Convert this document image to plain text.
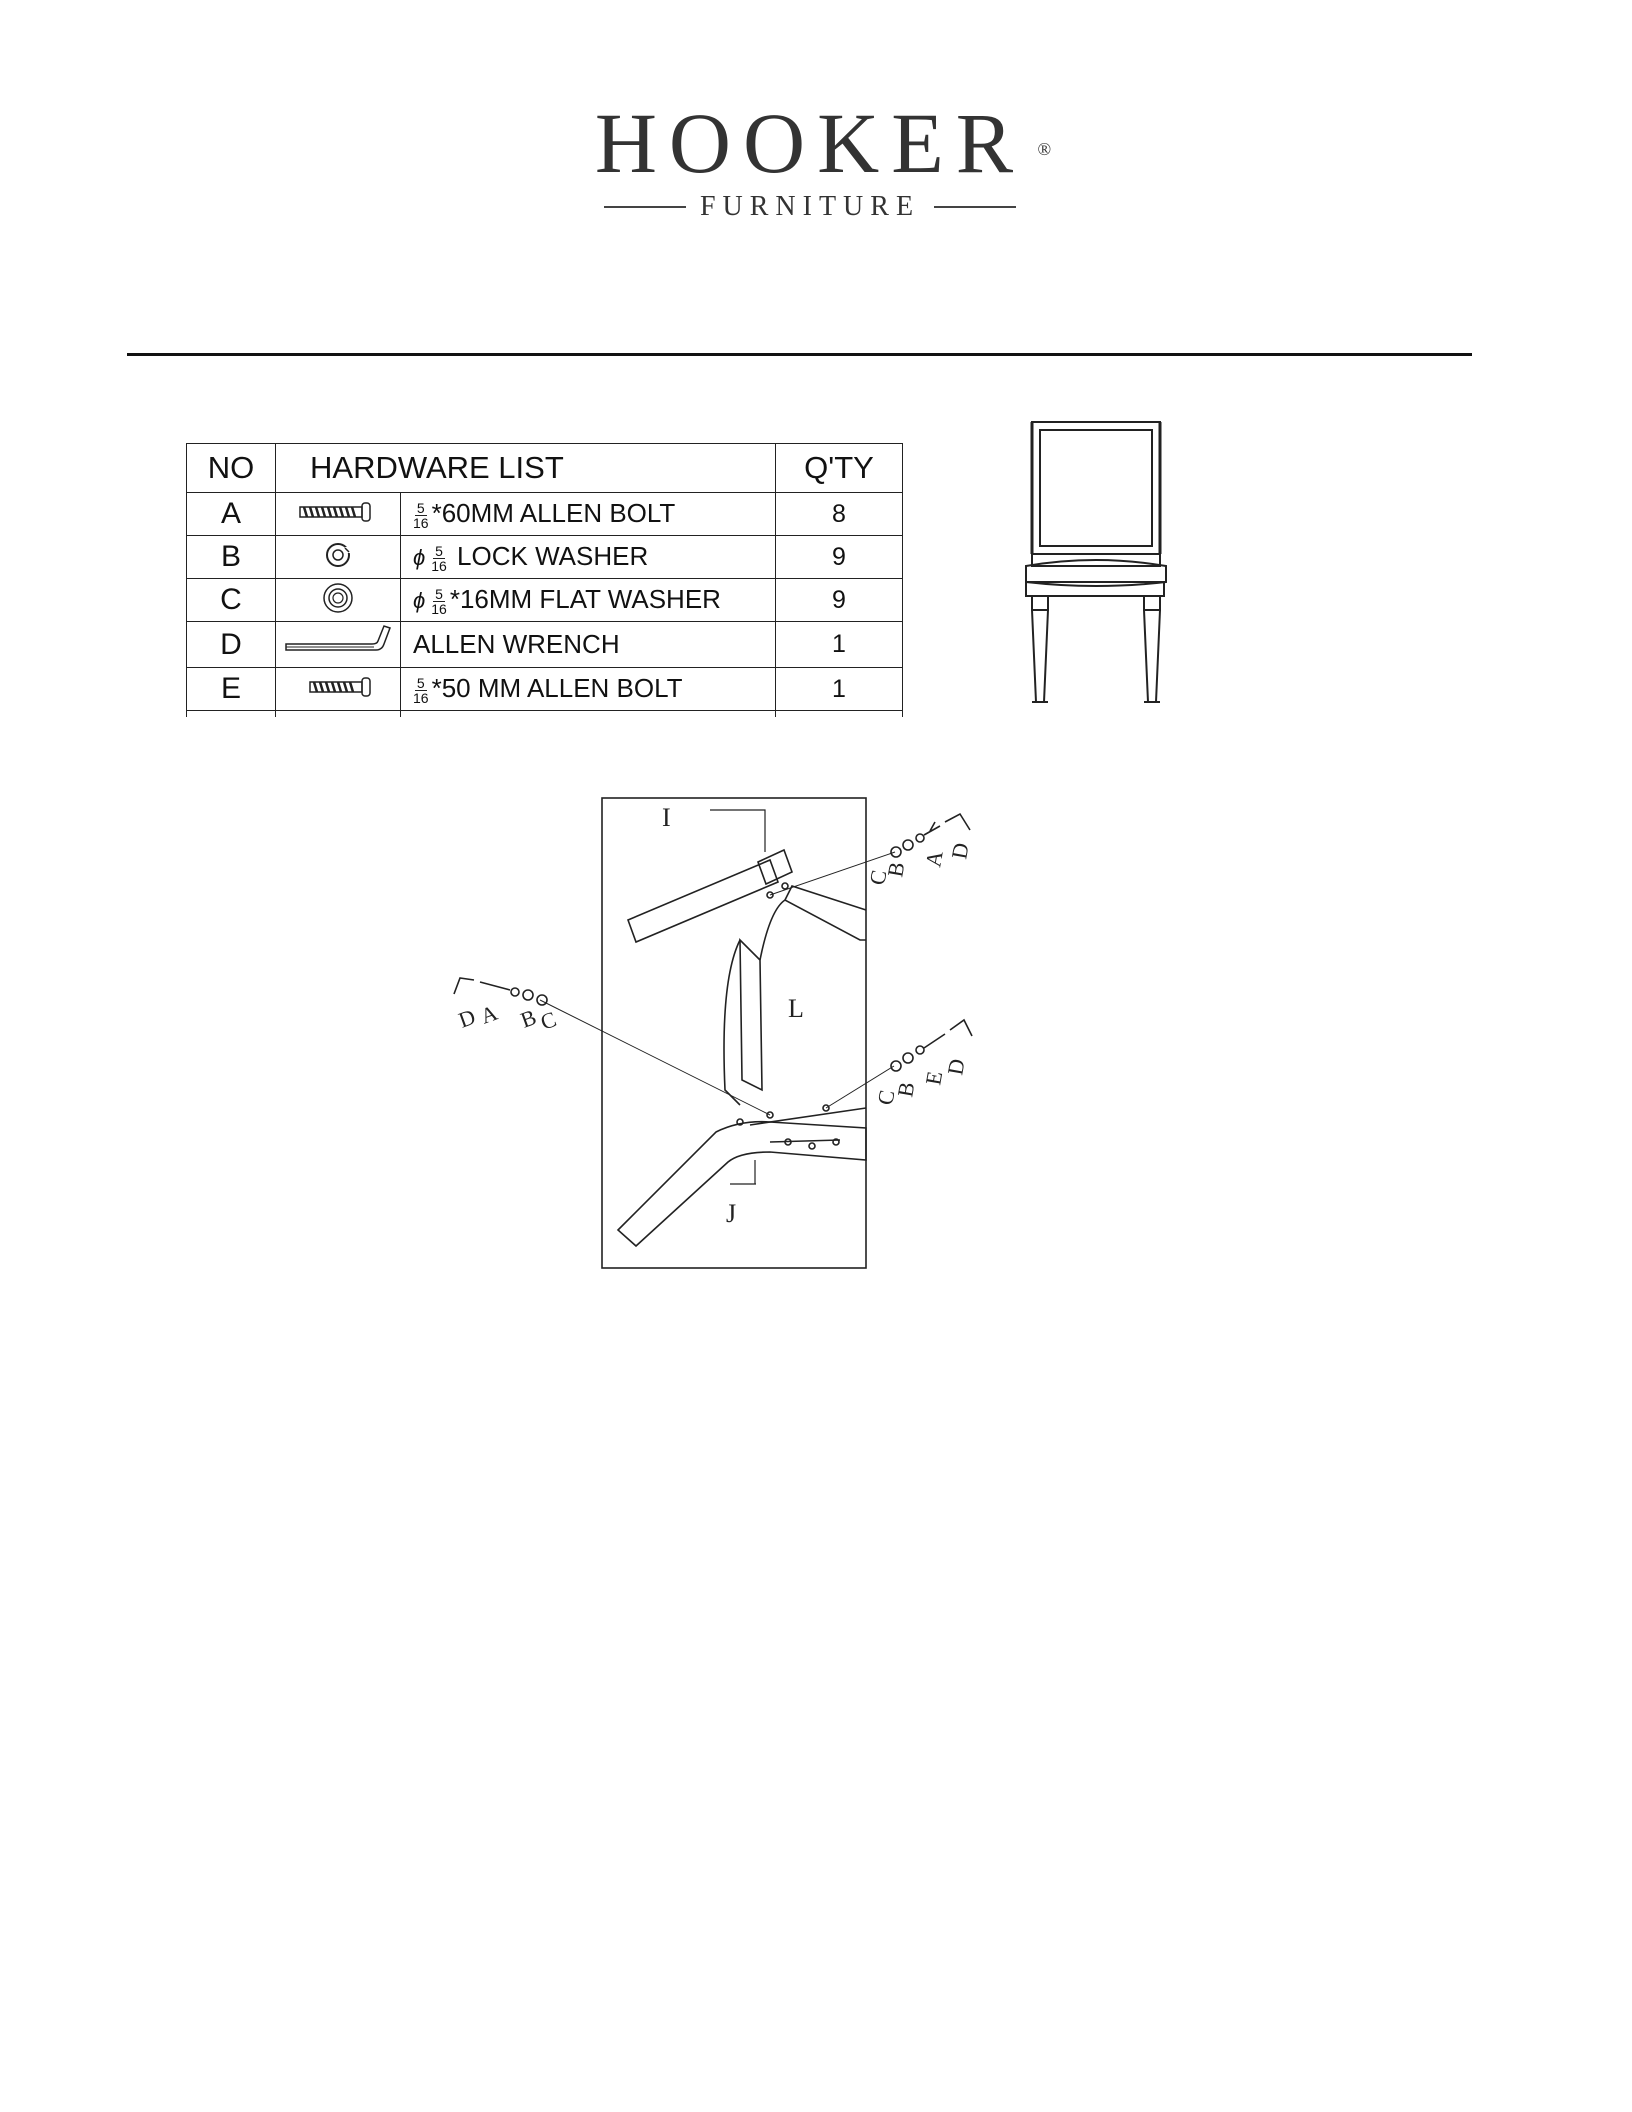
HOOKER ®
FURNITURE
NO	HARDWARE LIST		Q'TY
A		$\frac{5}{16} *60MM$ ALLEN BOLT	8
B		ϕ $\frac{5}{16}$ LOCK WASHER	9
C		ϕ $\frac{5}{16} *16MM$ FLAT WASHER	9
D		ALLEN WRENCH	1
E		$\frac{5}{16} *50$ MM ALLEN BOLT	1

I
L
J
C
B
A
D
D
A B
C
C
B
E
D
